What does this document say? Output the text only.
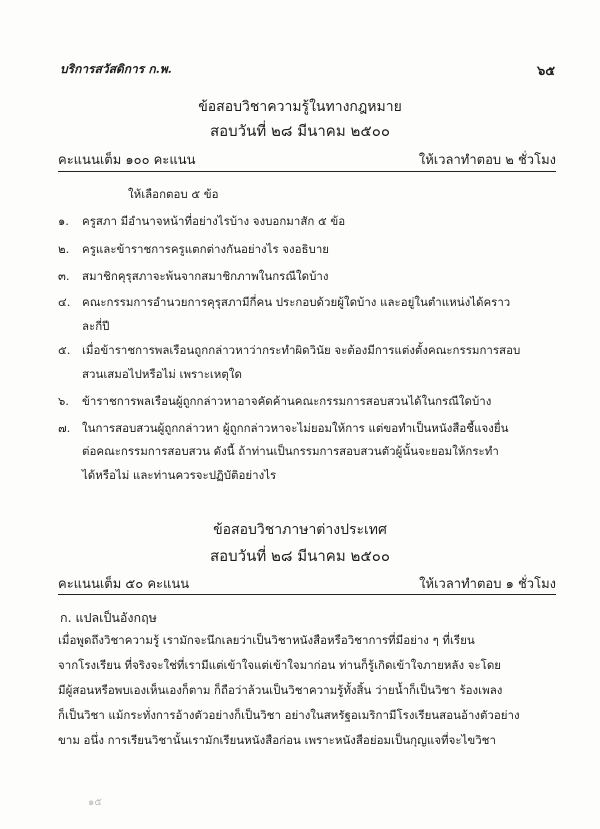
บริการสวัสดิการ ก.พ.	๖๕
ข้อสอบวิชาความรู้ในทางกฎหมาย
สอบวันที่ ๒๘ มีนาคม ๒๕๐๐
คะแนนเต็ม ๑๐๐ คะแนน	ให้เวลาทำตอบ ๒ ชั่วโมง
ให้เลือกตอบ ๕ ข้อ
๑. ครูสภา มีอำนาจหน้าที่อย่างไรบ้าง จงบอกมาสัก ๕ ข้อ
๒. ครูและข้าราชการครูแตกต่างกันอย่างไร จงอธิบาย
๓. สมาชิกคุรุสภาจะพ้นจากสมาชิกภาพในกรณีใดบ้าง
๔. คณะกรรมการอำนวยการคุรุสภามีกี่คน ประกอบด้วยผู้ใดบ้าง และอยู่ในตำแหน่งได้คราว
ละกี่ปี
๕. เมื่อข้าราชการพลเรือนถูกกล่าวหาว่ากระทำผิดวินัย จะต้องมีการแต่งตั้งคณะกรรมการสอบ
สวนเสมอไปหรือไม่ เพราะเหตุใด
๖. ข้าราชการพลเรือนผู้ถูกกล่าวหาอาจคัดค้านคณะกรรมการสอบสวนได้ในกรณีใดบ้าง
๗. ในการสอบสวนผู้ถูกกล่าวหา ผู้ถูกกล่าวหาจะไม่ยอมให้การ แต่ขอทำเป็นหนังสือชี้แจงยื่น
ต่อคณะกรรมการสอบสวน ดังนี้ ถ้าท่านเป็นกรรมการสอบสวนตัวผู้นั้นจะยอมให้กระทำ
ได้หรือไม่ และท่านควรจะปฏิบัติอย่างไร
ข้อสอบวิชาภาษาต่างประเทศ
สอบวันที่ ๒๘ มีนาคม ๒๕๐๐
คะแนนเต็ม ๕๐ คะแนน	ให้เวลาทำตอบ ๑ ชั่วโมง
ก. แปลเป็นอังกฤษ
เมื่อพูดถึงวิชาความรู้ เรามักจะนึกเลยว่าเป็นวิชาหนังสือหรือวิชาการที่มีอย่าง ๆ ที่เรียน
จากโรงเรียน ที่จริงจะใช่ที่เรามีแต่เข้าใจแต่เข้าใจมาก่อน ท่านก็รู้เกิดเข้าใจภายหลัง จะโดย
มีผู้สอนหรือพบเองเห็นเองก็ตาม ก็ถือว่าล้วนเป็นวิชาความรู้ทั้งสิ้น ว่ายน้ำก็เป็นวิชา ร้องเพลง
ก็เป็นวิชา แม้กระทั่งการอ้างตัวอย่างก็เป็นวิชา อย่างในสหรัฐอเมริกามีโรงเรียนสอนอ้างตัวอย่าง
ขาม อนึ่ง การเรียนวิชานั้นเรามักเรียนหนังสือก่อน เพราะหนังสือย่อมเป็นกุญแจที่จะไขวิชา
๑๕
